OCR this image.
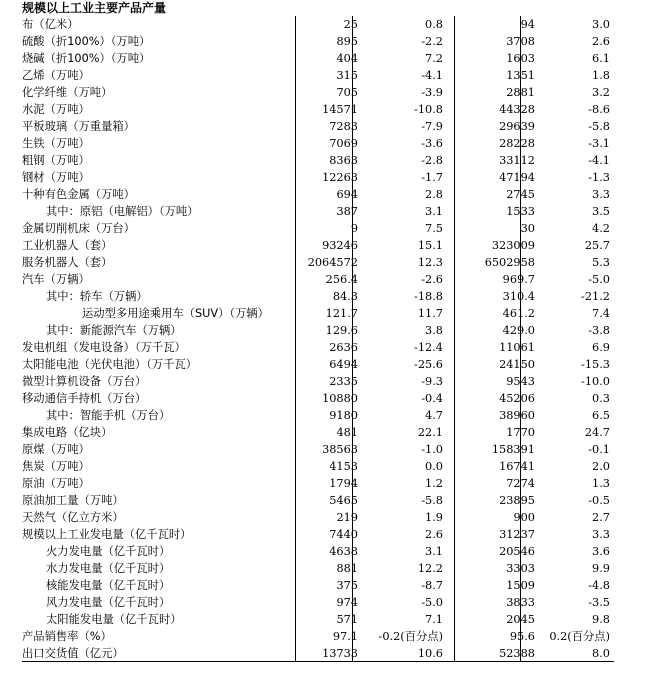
规模以上工业主要产品产量
布（亿米）	25	0.8	94	3.0
硫酸（折100%）（万吨）	895	-2.2	3708	2.6
烧碱（折100%）（万吨）	404	7.2	1603	6.1
乙烯（万吨）	315	-4.1	1351	1.8
化学纤维（万吨）	705	-3.9	2881	3.2
水泥（万吨）	14571	-10.8	44328	-8.6
平板玻璃（万重量箱）	7283	-7.9	29639	-5.8
生铁（万吨）	7069	-3.6	28228	-3.1
粗钢（万吨）	8363	-2.8	33112	-4.1
钢材（万吨）	12263	-1.7	47194	-1.3
十种有色金属（万吨）	694	2.8	2745	3.3
其中：原铝（电解铝）（万吨）	387	3.1	1533	3.5
金属切削机床（万台）	9	7.5	30	4.2
工业机器人（套）	93246	15.1	323009	25.7
服务机器人（套）	2064572	12.3	6502958	5.3
汽车（万辆）	256.4	-2.6	969.7	-5.0
其中：轿车（万辆）	84.3	-18.8	310.4	-21.2
运动型多用途乘用车（SUV）（万辆）	121.7	11.7	461.2	7.4
其中：新能源汽车（万辆）	129.6	3.8	429.0	-3.8
发电机组（发电设备）（万千瓦）	2636	-12.4	11061	6.9
太阳能电池（光伏电池）（万千瓦）	6494	-25.6	24150	-15.3
微型计算机设备（万台）	2335	-9.3	9543	-10.0
移动通信手持机（万台）	10880	-0.4	45206	0.3
其中：智能手机（万台）	9180	4.7	38960	6.5
集成电路（亿块）	481	22.1	1770	24.7
原煤（万吨）	38563	-1.0	158391	-0.1
焦炭（万吨）	4153	0.0	16741	2.0
原油（万吨）	1794	1.2	7274	1.3
原油加工量（万吨）	5465	-5.8	23895	-0.5
天然气（亿立方米）	219	1.9	900	2.7
规模以上工业发电量（亿千瓦时）	7440	2.6	31237	3.3
火力发电量（亿千瓦时）	4638	3.1	20546	3.6
水力发电量（亿千瓦时）	881	12.2	3303	9.9
核能发电量（亿千瓦时）	375	-8.7	1509	-4.8
风力发电量（亿千瓦时）	974	-5.0	3833	-3.5
太阳能发电量（亿千瓦时）	571	7.1	2045	9.8
产品销售率（%）	97.1	-0.2(百分点)	95.6	0.2(百分点)
出口交货值（亿元）	13733	10.6	52388	8.0
